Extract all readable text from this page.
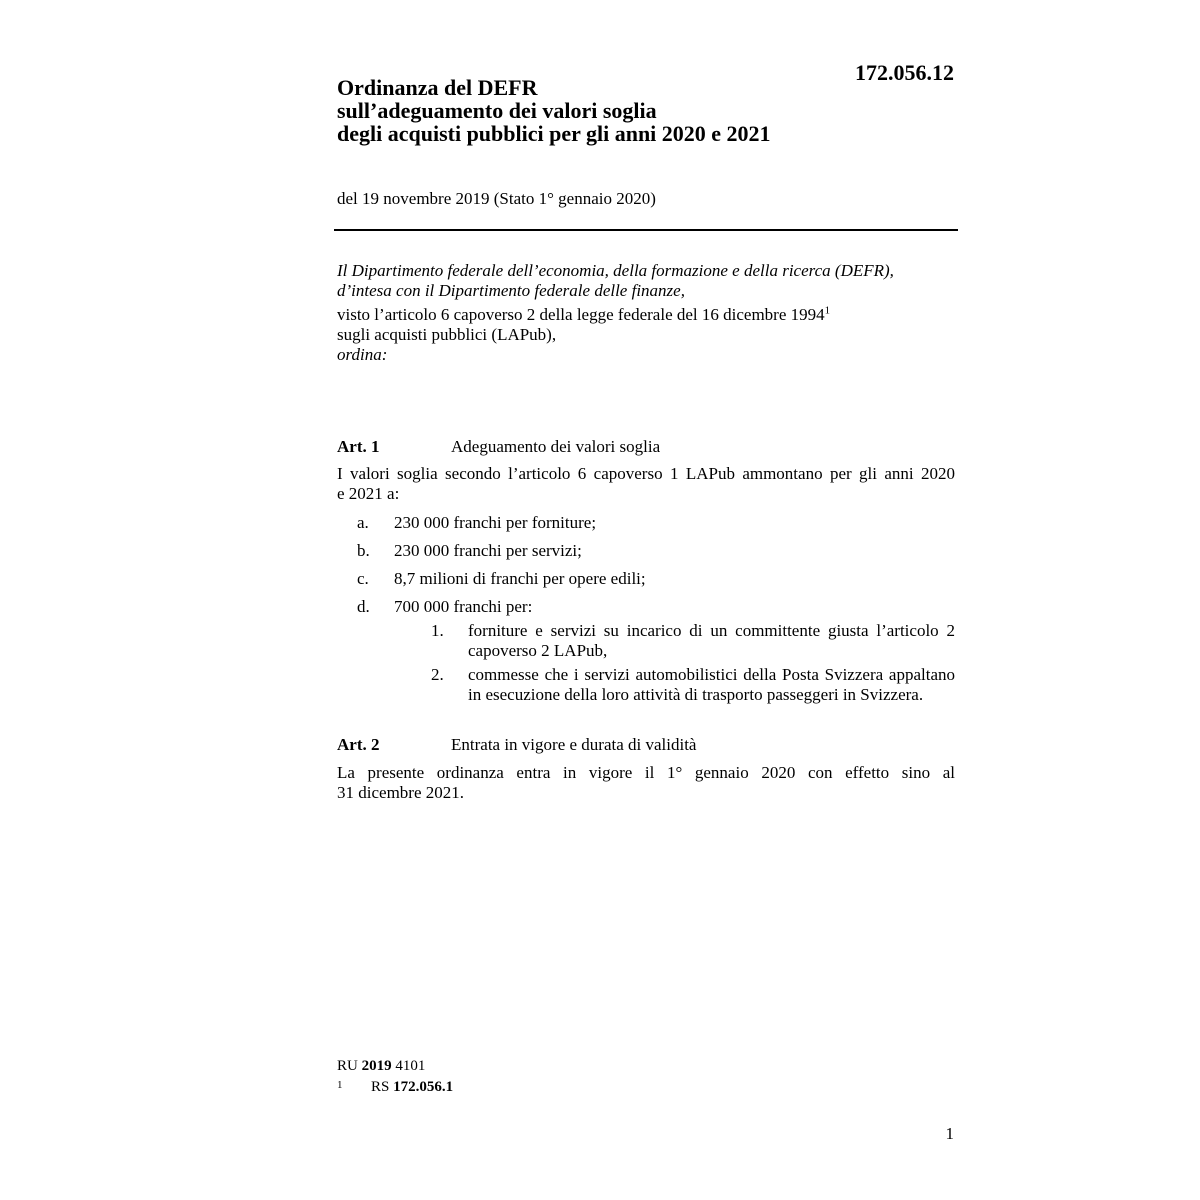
172.056.12
Ordinanza del DEFR
sull’adeguamento dei valori soglia
degli acquisti pubblici per gli anni 2020 e 2021
del 19 novembre 2019 (Stato 1° gennaio 2020)
Il Dipartimento federale dell’economia, della formazione e della ricerca (DEFR),
d’intesa con il Dipartimento federale delle finanze,
visto l’articolo 6 capoverso 2 della legge federale del 16 dicembre 1994$^1$
sugli acquisti pubblici (LAPub),
ordina:
Art. 1	Adeguamento dei valori soglia
I valori soglia secondo l’articolo 6 capoverso 1 LAPub ammontano per gli anni 2020
e 2021 a:
a. 230 000 franchi per forniture;
b. 230 000 franchi per servizi;
c. 8,7 milioni di franchi per opere edili;
d. 700 000 franchi per:
1. forniture e servizi su incarico di un committente giusta l’articolo 2 capoverso 2 LAPub,
2. commesse che i servizi automobilistici della Posta Svizzera appaltano in esecuzione della loro attività di trasporto passeggeri in Svizzera.
Art. 2	Entrata in vigore e durata di validità
La presente ordinanza entra in vigore il 1° gennaio 2020 con effetto sino al
31 dicembre 2021.
RU 2019 4101
1 RS 172.056.1
1
